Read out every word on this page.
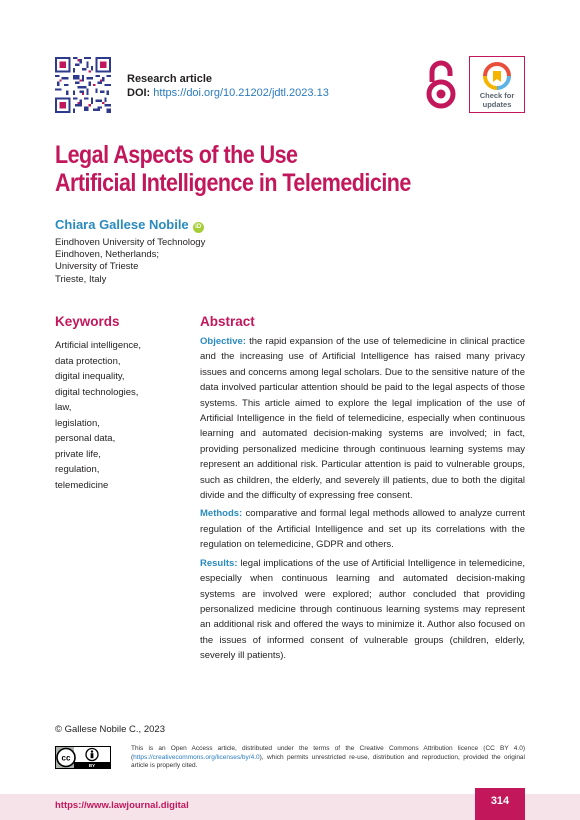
Research article
DOI: https://doi.org/10.21202/jdtl.2023.13	Check for
updates
Legal Aspects of the Use
Artificial Intelligence in Telemedicine
Chiara Gallese Nobile iD
Eindhoven University of Technology
Eindhoven, Netherlands;
University of Trieste
Trieste, Italy
Keywords
Artificial intelligence,
data protection,
digital inequality,
digital technologies,
law,
legislation,
personal data,
private life,
regulation,
telemedicine
Abstract

Objective: the rapid expansion of the use of telemedicine in clinical practice and the increasing use of Artificial Intelligence has raised many privacy issues and concerns among legal scholars. Due to the sensitive nature of the data involved particular attention should be paid to the legal aspects of those systems. This article aimed to explore the legal implication of the use of Artificial Intelligence in the field of telemedicine, especially when continuous learning and automated decision-making systems are involved; in fact, providing personalized medicine through continuous learning systems may represent an additional risk. Particular attention is paid to vulnerable groups, such as children, the elderly, and severely ill patients, due to both the digital divide and the difficulty of expressing free consent.

Methods: comparative and formal legal methods allowed to analyze current regulation of the Artificial Intelligence and set up its correlations with the regulation on telemedicine, GDPR and others.

Results: legal implications of the use of Artificial Intelligence in telemedicine, especially when continuous learning and automated decision-making systems are involved were explored; author concluded that providing personalized medicine through continuous learning systems may represent an additional risk and offered the ways to minimize it. Author also focused on the issues of informed consent of vulnerable groups (children, elderly, severely ill patients).

© Gallese Nobile C., 2023
cc
BY
This is an Open Access article, distributed under the terms of the Creative Commons Attribution licence (CC BY 4.0) (https://creativecommons.org/licenses/by/4.0), which permits unrestricted re-use, distribution and reproduction, provided the original article is properly cited.
https://www.lawjournal.digital	314
